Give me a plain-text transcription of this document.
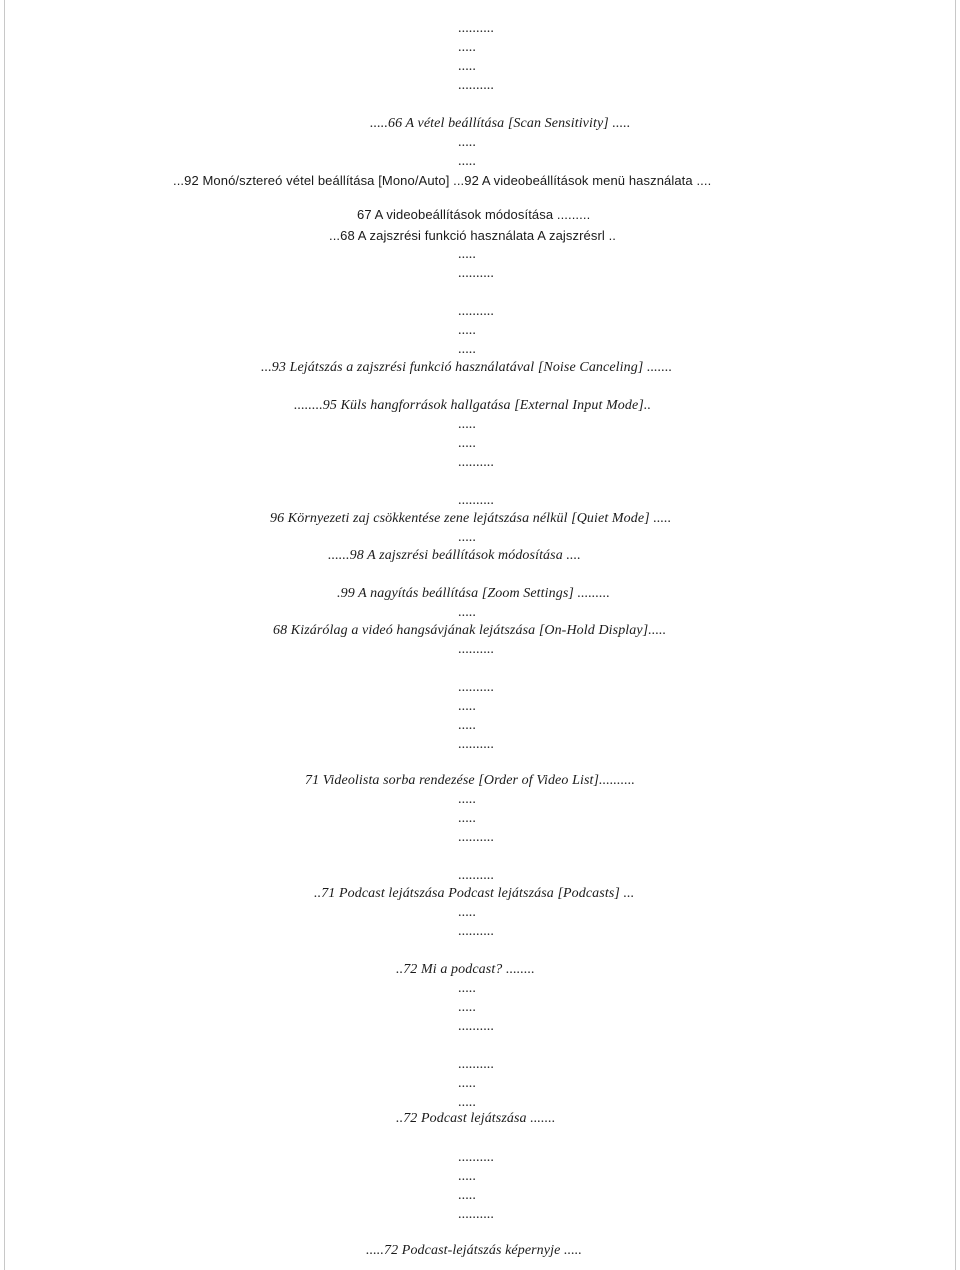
..........
.....
.....
..........
.....66 A vétel beállítása [Scan Sensitivity] .....
.....
.....
...92 Monó/sztereó vétel beállítása [Mono/Auto] ...92 A videobeállítások menü használata ....
67 A videobeállítások módosítása .........
...68 A zajszrési funkció használata A zajszrésrl ..
.....
..........
..........
.....
.....
...93 Lejátszás a zajszrési funkció használatával [Noise Canceling] .......
........95 Küls hangforrások hallgatása [External Input Mode]..
.....
.....
..........
..........
96 Környezeti zaj csökkentése zene lejátszása nélkül [Quiet Mode] .....
.....
......98 A zajszrési beállítások módosítása ....
.99 A nagyítás beállítása [Zoom Settings] .........
.....
68 Kizárólag a videó hangsávjának lejátszása [On-Hold Display].....
..........
..........
.....
.....
..........
71 Videolista sorba rendezése [Order of Video List]..........
.....
.....
..........
..........
..71 Podcast lejátszása Podcast lejátszása [Podcasts] ...
.....
..........
..72 Mi a podcast? ........
.....
.....
..........
..........
.....
.....
..72 Podcast lejátszása .......
..........
.....
.....
..........
.....72 Podcast-lejátszás képernyje .....
